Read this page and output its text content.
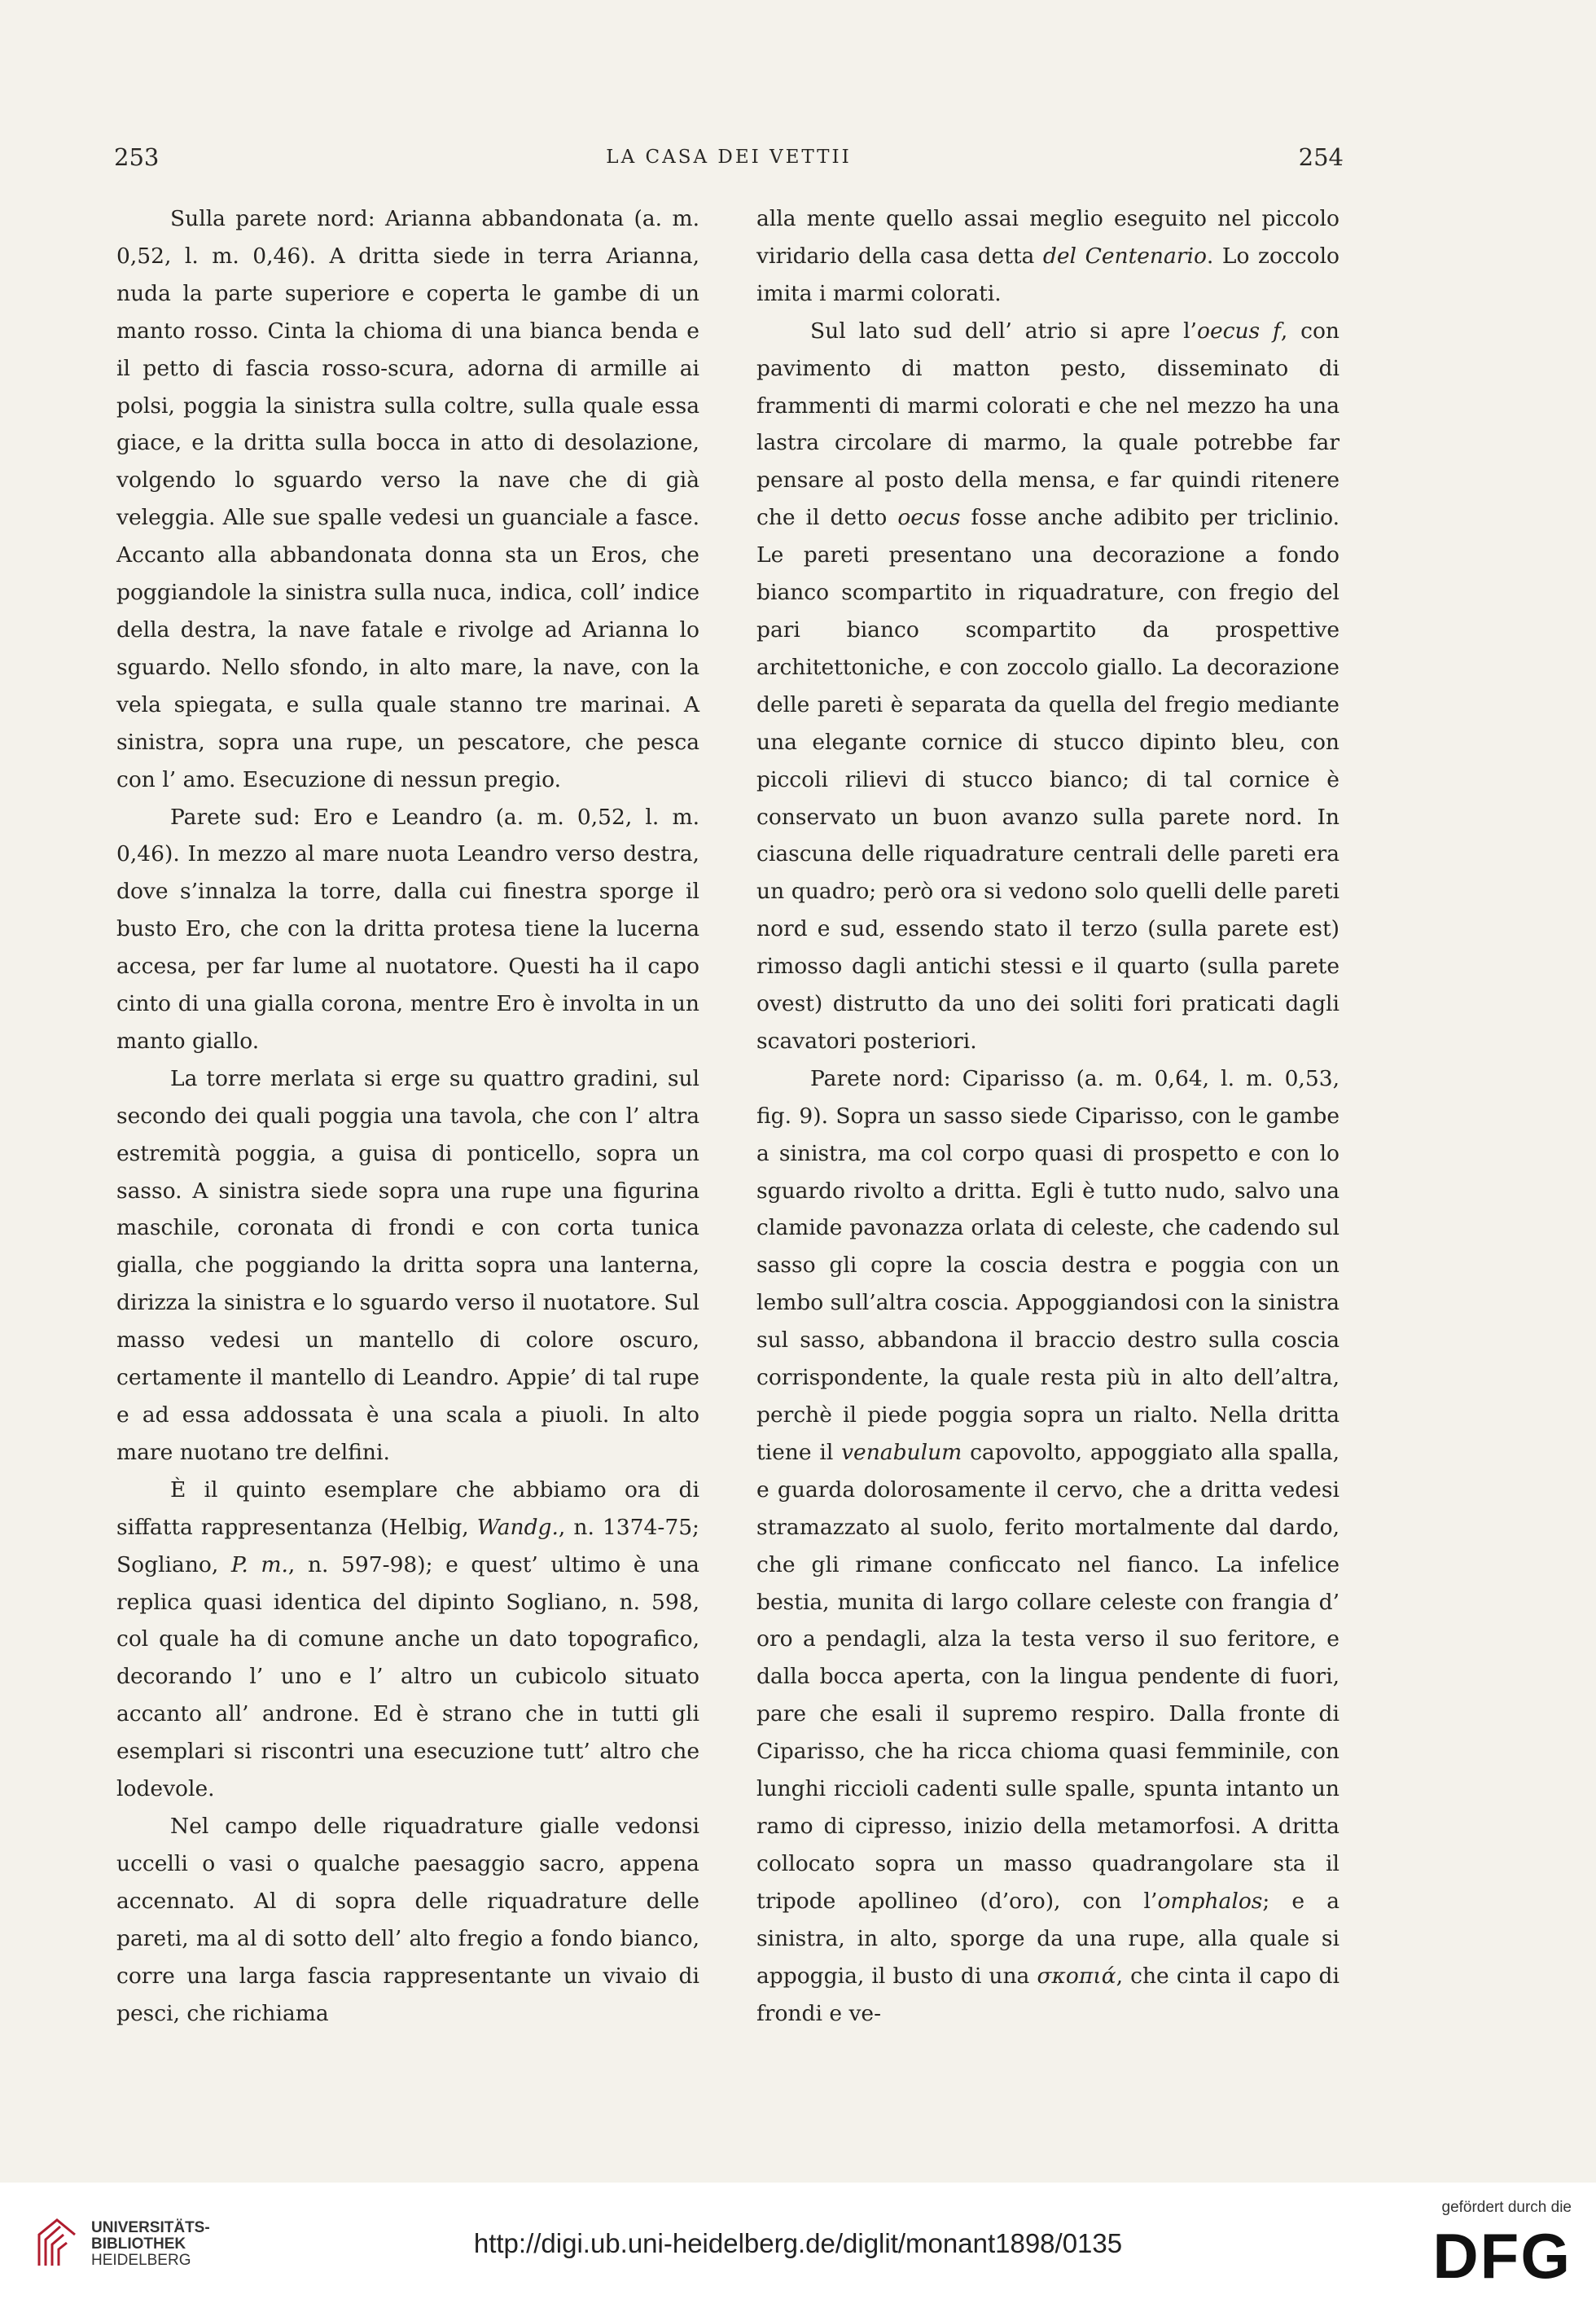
253	LA CASA DEI VETTII	254

Sulla parete nord: Arianna abbandonata (a. m. 0,52, l. m. 0,46). A dritta siede in terra Arianna, nuda la parte superiore e coperta le gambe di un manto rosso. Cinta la chioma di una bianca benda e il petto di fascia rosso-scura, adorna di armille ai polsi, poggia la sinistra sulla coltre, sulla quale essa giace, e la dritta sulla bocca in atto di desolazione, volgendo lo sguardo verso la nave che di già veleggia. Alle sue spalle vedesi un guanciale a fasce. Accanto alla abbandonata donna sta un Eros, che poggiandole la sinistra sulla nuca, indica, coll’ indice della destra, la nave fatale e rivolge ad Arianna lo sguardo. Nello sfondo, in alto mare, la nave, con la vela spiegata, e sulla quale stanno tre marinai. A sinistra, sopra una rupe, un pescatore, che pesca con l’ amo. Esecuzione di nessun pregio.

Parete sud: Ero e Leandro (a. m. 0,52, l. m. 0,46). In mezzo al mare nuota Leandro verso destra, dove s’innalza la torre, dalla cui finestra sporge il busto Ero, che con la dritta protesa tiene la lucerna accesa, per far lume al nuotatore. Questi ha il capo cinto di una gialla corona, mentre Ero è involta in un manto giallo.

La torre merlata si erge su quattro gradini, sul secondo dei quali poggia una tavola, che con l’ altra estremità poggia, a guisa di ponticello, sopra un sasso. A sinistra siede sopra una rupe una figurina maschile, coronata di frondi e con corta tunica gialla, che poggiando la dritta sopra una lanterna, dirizza la sinistra e lo sguardo verso il nuotatore. Sul masso vedesi un mantello di colore oscuro, certamente il mantello di Leandro. Appie’ di tal rupe e ad essa addossata è una scala a piuoli. In alto mare nuotano tre delfini.

È il quinto esemplare che abbiamo ora di siffatta rappresentanza (Helbig, Wandg., n. 1374-75; Sogliano, P. m., n. 597-98); e quest’ ultimo è una replica quasi identica del dipinto Sogliano, n. 598, col quale ha di comune anche un dato topografico, decorando l’ uno e l’ altro un cubicolo situato accanto all’ androne. Ed è strano che in tutti gli esemplari si riscontri una esecuzione tutt’ altro che lodevole.

Nel campo delle riquadrature gialle vedonsi uccelli o vasi o qualche paesaggio sacro, appena accennato. Al di sopra delle riquadrature delle pareti, ma al di sotto dell’ alto fregio a fondo bianco, corre una larga fascia rappresentante un vivaio di pesci, che richiama

alla mente quello assai meglio eseguito nel piccolo viridario della casa detta del Centenario. Lo zoccolo imita i marmi colorati.

Sul lato sud dell’ atrio si apre l’oecus f, con pavimento di matton pesto, disseminato di frammenti di marmi colorati e che nel mezzo ha una lastra circolare di marmo, la quale potrebbe far pensare al posto della mensa, e far quindi ritenere che il detto oecus fosse anche adibito per triclinio. Le pareti presentano una decorazione a fondo bianco scompartito in riquadrature, con fregio del pari bianco scompartito da prospettive architettoniche, e con zoccolo giallo. La decorazione delle pareti è separata da quella del fregio mediante una elegante cornice di stucco dipinto bleu, con piccoli rilievi di stucco bianco; di tal cornice è conservato un buon avanzo sulla parete nord. In ciascuna delle riquadrature centrali delle pareti era un quadro; però ora si vedono solo quelli delle pareti nord e sud, essendo stato il terzo (sulla parete est) rimosso dagli antichi stessi e il quarto (sulla parete ovest) distrutto da uno dei soliti fori praticati dagli scavatori posteriori.

Parete nord: Ciparisso (a. m. 0,64, l. m. 0,53, fig. 9). Sopra un sasso siede Ciparisso, con le gambe a sinistra, ma col corpo quasi di prospetto e con lo sguardo rivolto a dritta. Egli è tutto nudo, salvo una clamide pavonazza orlata di celeste, che cadendo sul sasso gli copre la coscia destra e poggia con un lembo sull’altra coscia. Appoggiandosi con la sinistra sul sasso, abbandona il braccio destro sulla coscia corrispondente, la quale resta più in alto dell’altra, perchè il piede poggia sopra un rialto. Nella dritta tiene il venabulum capovolto, appoggiato alla spalla, e guarda dolorosamente il cervo, che a dritta vedesi stramazzato al suolo, ferito mortalmente dal dardo, che gli rimane conficcato nel fianco. La infelice bestia, munita di largo collare celeste con frangia d’ oro a pendagli, alza la testa verso il suo feritore, e dalla bocca aperta, con la lingua pendente di fuori, pare che esali il supremo respiro. Dalla fronte di Ciparisso, che ha ricca chioma quasi femminile, con lunghi riccioli cadenti sulle spalle, spunta intanto un ramo di cipresso, inizio della metamorfosi. A dritta collocato sopra un masso quadrangolare sta il tripode apollineo (d’oro), con l’omphalos; e a sinistra, in alto, sporge da una rupe, alla quale si appoggia, il busto di una σκοπιά, che cinta il capo di frondi e ve-

UNIVERSITÄTS-
BIBLIOTHEK
HEIDELBERG
http://digi.ub.uni-heidelberg.de/diglit/monant1898/0135
gefördert durch die
DFG
